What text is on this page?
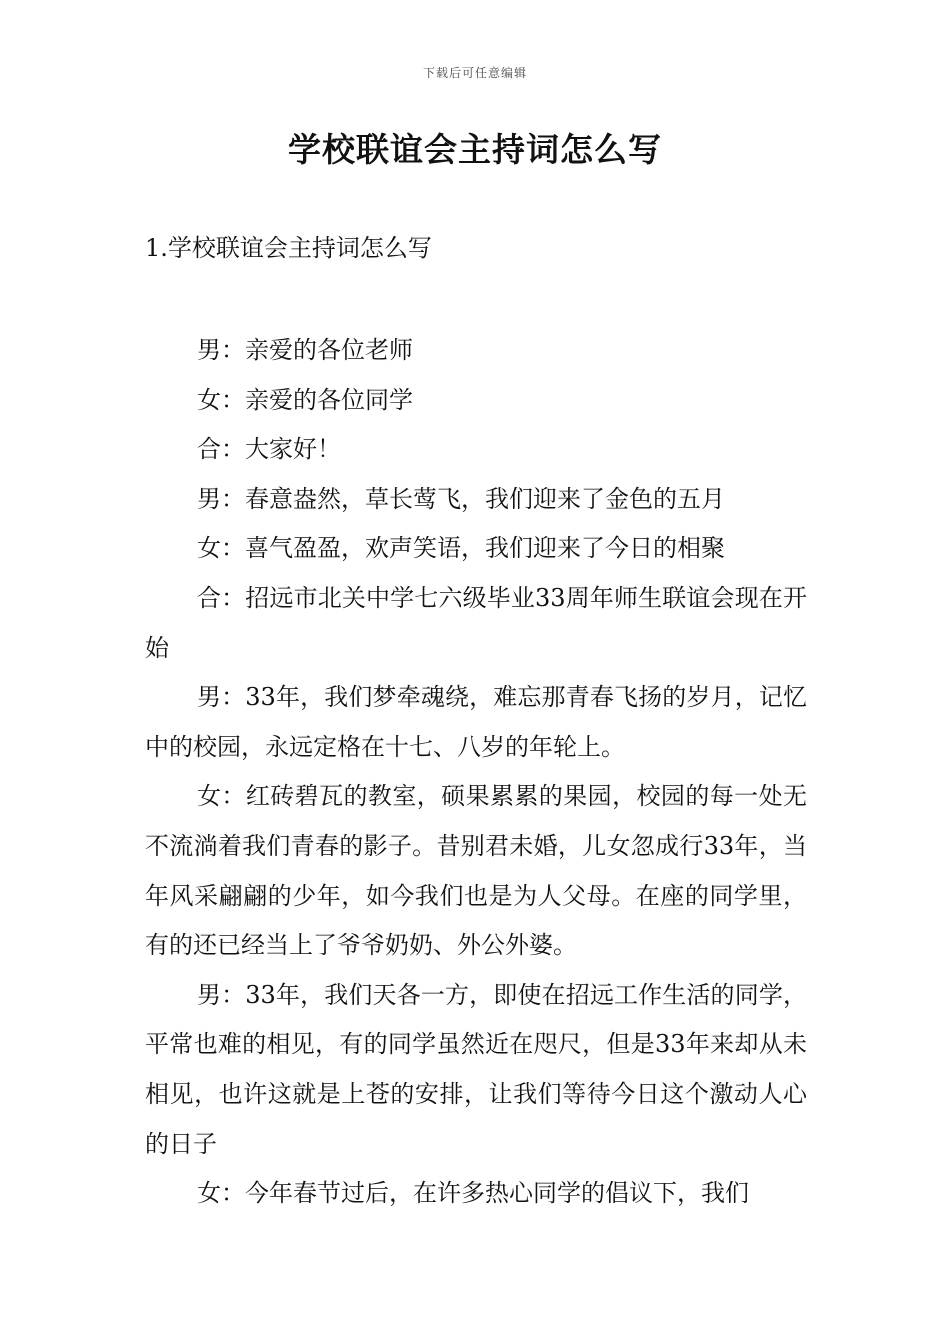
下载后可任意编辑
学校联谊会主持词怎么写
1.学校联谊会主持词怎么写

男：亲爱的各位老师

女：亲爱的各位同学

合：大家好！

男：春意盎然，草长莺飞，我们迎来了金色的五月

女：喜气盈盈，欢声笑语，我们迎来了今日的相聚

合：招远市北关中学七六级毕业33周年师生联谊会现在开始

男：33年，我们梦牵魂绕，难忘那青春飞扬的岁月，记忆中的校园，永远定格在十七、八岁的年轮上。

女：红砖碧瓦的教室，硕果累累的果园，校园的每一处无不流淌着我们青春的影子。昔别君未婚，儿女忽成行33年，当年风采翩翩的少年，如今我们也是为人父母。在座的同学里，有的还已经当上了爷爷奶奶、外公外婆。

男：33年，我们天各一方，即使在招远工作生活的同学，平常也难的相见，有的同学虽然近在咫尺，但是33年来却从未相见，也许这就是上苍的安排，让我们等待今日这个激动人心的日子

女：今年春节过后，在许多热心同学的倡议下，我们
